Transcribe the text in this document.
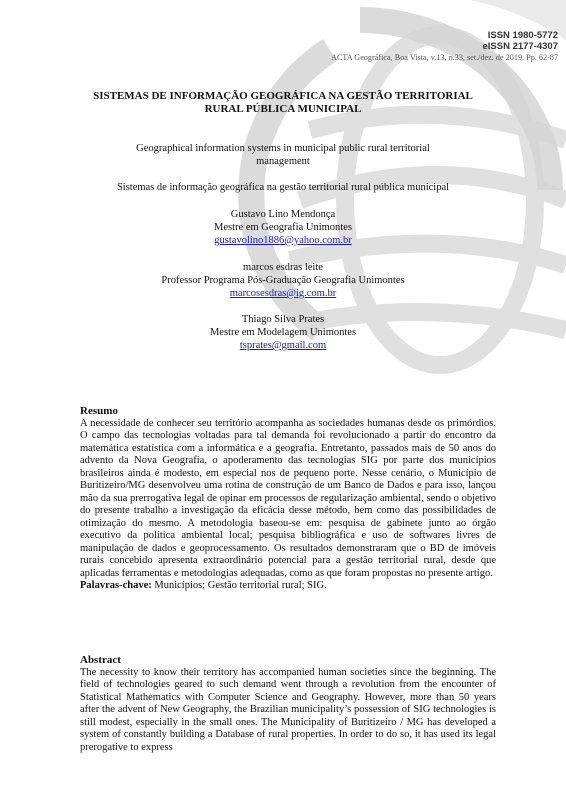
ISSN 1980-5772
eISSN 2177-4307
ACTA Geográfica, Boa Vista, v.13, n.33, set./dez. de 2019. Pp. 62-87
SISTEMAS DE INFORMAÇÃO GEOGRÁFICA NA GESTÃO TERRITORIAL
RURAL PÚBLICA MUNICIPAL
Geographical information systems in municipal public rural territorial management
Sistemas de informação geográfica na gestão territorial rural pública municipal
Gustavo Lino Mendonça
Mestre em Geografia Unimontes
gustavolino1886@yahoo.com.br
marcos esdras leite
Professor Programa Pós-Graduação Geografia Unimontes
marcosesdras@ig.com.br
Thiago Silva Prates
Mestre em Modelagem Unimontes
tsprates@gmail.com
Resumo
A necessidade de conhecer seu território acompanha as sociedades humanas desde os primórdios. O campo das tecnologias voltadas para tal demanda foi revolucionado a partir do encontro da matemática estatística com a informática e a geografia. Entretanto, passados mais de 50 anos do advento da Nova Geografia, o apoderamento das tecnologias SIG por parte dos municípios brasileiros ainda é modesto, em especial nos de pequeno porte. Nesse cenário, o Município de Buritizeiro/MG desenvolveu uma rotina de construção de um Banco de Dados e para isso, lançou mão da sua prerrogativa legal de opinar em processos de regularização ambiental, sendo o objetivo do presente trabalho a investigação da eficácia desse método, bem como das possibilidades de otimização do mesmo. A metodologia baseou-se em: pesquisa de gabinete junto ao órgão executivo da política ambiental local; pesquisa bibliográfica e uso de softwares livres de manipulação de dados e geoprocessamento. Os resultados demonstraram que o BD de imóveis rurais concebido apresenta extraordinário potencial para a gestão territorial rural, desde que aplicadas ferramentas e metodologias adequadas, como as que foram propostas no presente artigo.
Palavras-chave: Municípios; Gestão territorial rural; SIG.
Abstract
The necessity to know their territory has accompanied human societies since the beginning. The field of technologies geared to such demand went through a revolution from the encounter of Statistical Mathematics with Computer Science and Geography. However, more than 50 years after the advent of New Geography, the Brazilian municipality’s possession of SIG technologies is still modest, especially in the small ones. The Municipality of Buritizeiro / MG has developed a system of constantly building a Database of rural properties. In order to do so, it has used its legal prerogative to express
